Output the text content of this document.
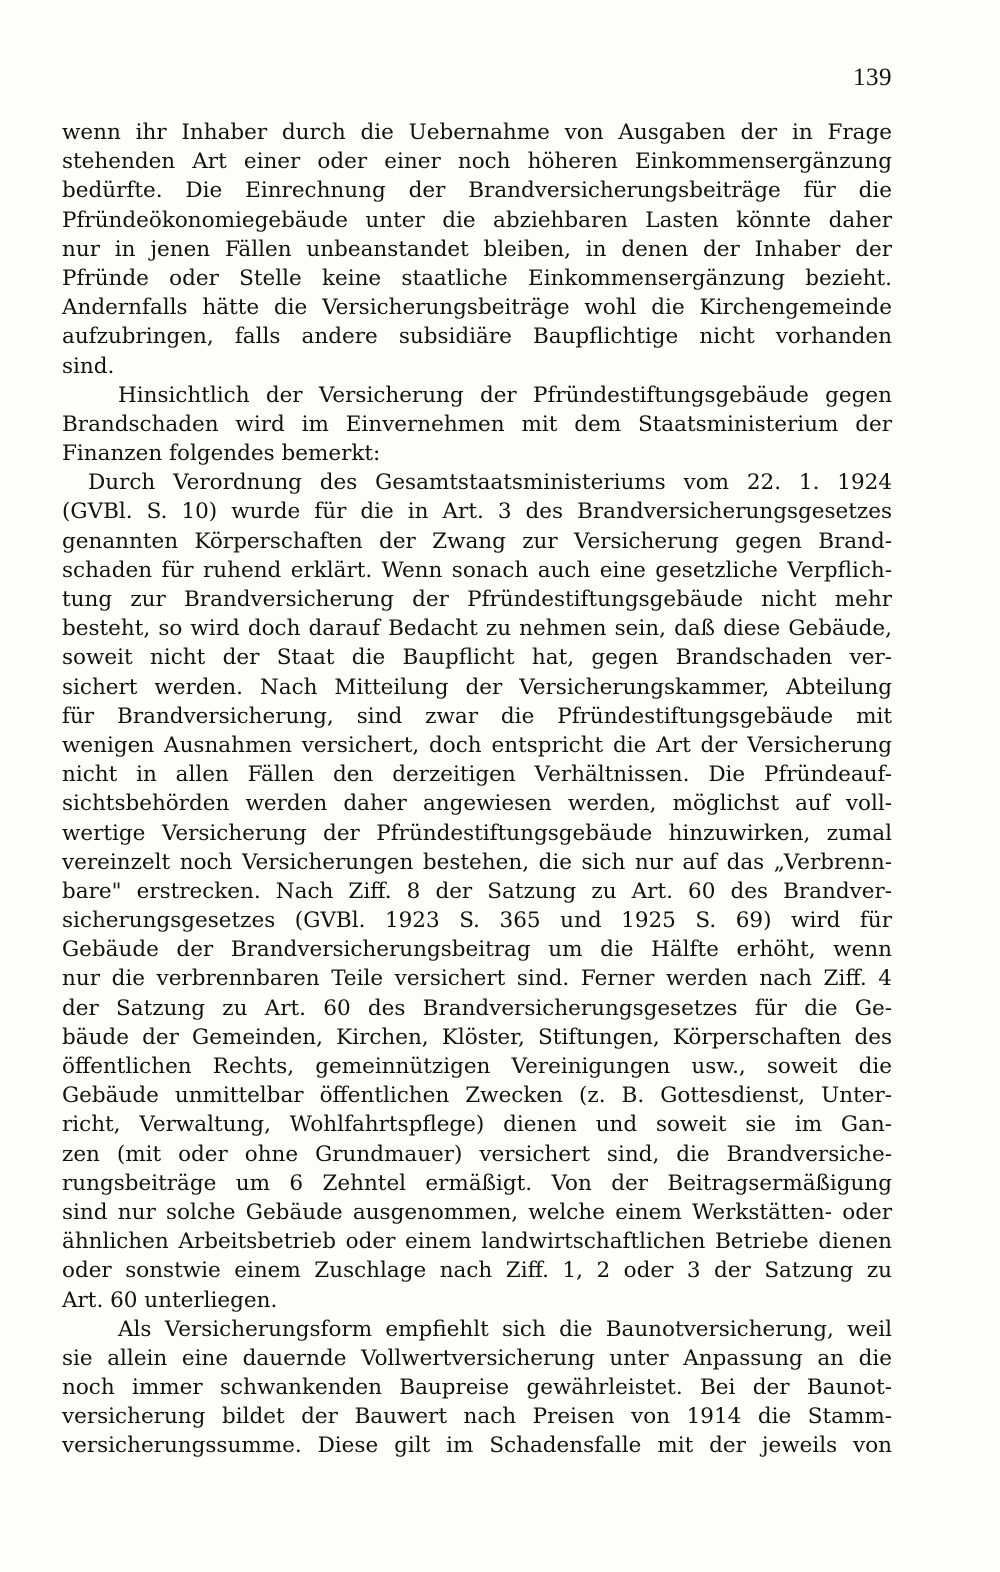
139
wenn ihr Inhaber durch die Uebernahme von Ausgaben der in Frage
stehenden Art einer oder einer noch höheren Einkommensergänzung
bedürfte. Die Einrechnung der Brandversicherungsbeiträge für die
Pfründeökonomiegebäude unter die abziehbaren Lasten könnte daher
nur in jenen Fällen unbeanstandet bleiben, in denen der Inhaber der
Pfründe oder Stelle keine staatliche Einkommensergänzung bezieht.
Andernfalls hätte die Versicherungsbeiträge wohl die Kirchengemeinde
aufzubringen, falls andere subsidiäre Baupflichtige nicht vorhanden
sind.
Hinsichtlich der Versicherung der Pfründestiftungsgebäude gegen
Brandschaden wird im Einvernehmen mit dem Staatsministerium der
Finanzen folgendes bemerkt:
Durch Verordnung des Gesamtstaatsministeriums vom 22. 1. 1924
(GVBl. S. 10) wurde für die in Art. 3 des Brandversicherungsgesetzes
genannten Körperschaften der Zwang zur Versicherung gegen Brand-
schaden für ruhend erklärt. Wenn sonach auch eine gesetzliche Verpflich-
tung zur Brandversicherung der Pfründestiftungsgebäude nicht mehr
besteht, so wird doch darauf Bedacht zu nehmen sein, daß diese Gebäude,
soweit nicht der Staat die Baupflicht hat, gegen Brandschaden ver-
sichert werden. Nach Mitteilung der Versicherungskammer, Abteilung
für Brandversicherung, sind zwar die Pfründestiftungsgebäude mit
wenigen Ausnahmen versichert, doch entspricht die Art der Versicherung
nicht in allen Fällen den derzeitigen Verhältnissen. Die Pfründeauf-
sichtsbehörden werden daher angewiesen werden, möglichst auf voll-
wertige Versicherung der Pfründestiftungsgebäude hinzuwirken, zumal
vereinzelt noch Versicherungen bestehen, die sich nur auf das „Verbrenn-
bare" erstrecken. Nach Ziff. 8 der Satzung zu Art. 60 des Brandver-
sicherungsgesetzes (GVBl. 1923 S. 365 und 1925 S. 69) wird für
Gebäude der Brandversicherungsbeitrag um die Hälfte erhöht, wenn
nur die verbrennbaren Teile versichert sind. Ferner werden nach Ziff. 4
der Satzung zu Art. 60 des Brandversicherungsgesetzes für die Ge-
bäude der Gemeinden, Kirchen, Klöster, Stiftungen, Körperschaften des
öffentlichen Rechts, gemeinnützigen Vereinigungen usw., soweit die
Gebäude unmittelbar öffentlichen Zwecken (z. B. Gottesdienst, Unter-
richt, Verwaltung, Wohlfahrtspflege) dienen und soweit sie im Gan-
zen (mit oder ohne Grundmauer) versichert sind, die Brandversiche-
rungsbeiträge um 6 Zehntel ermäßigt. Von der Beitragsermäßigung
sind nur solche Gebäude ausgenommen, welche einem Werkstätten- oder
ähnlichen Arbeitsbetrieb oder einem landwirtschaftlichen Betriebe dienen
oder sonstwie einem Zuschlage nach Ziff. 1, 2 oder 3 der Satzung zu
Art. 60 unterliegen.
Als Versicherungsform empfiehlt sich die Baunotversicherung, weil
sie allein eine dauernde Vollwertversicherung unter Anpassung an die
noch immer schwankenden Baupreise gewährleistet. Bei der Baunot-
versicherung bildet der Bauwert nach Preisen von 1914 die Stamm-
versicherungssumme. Diese gilt im Schadensfalle mit der jeweils von
